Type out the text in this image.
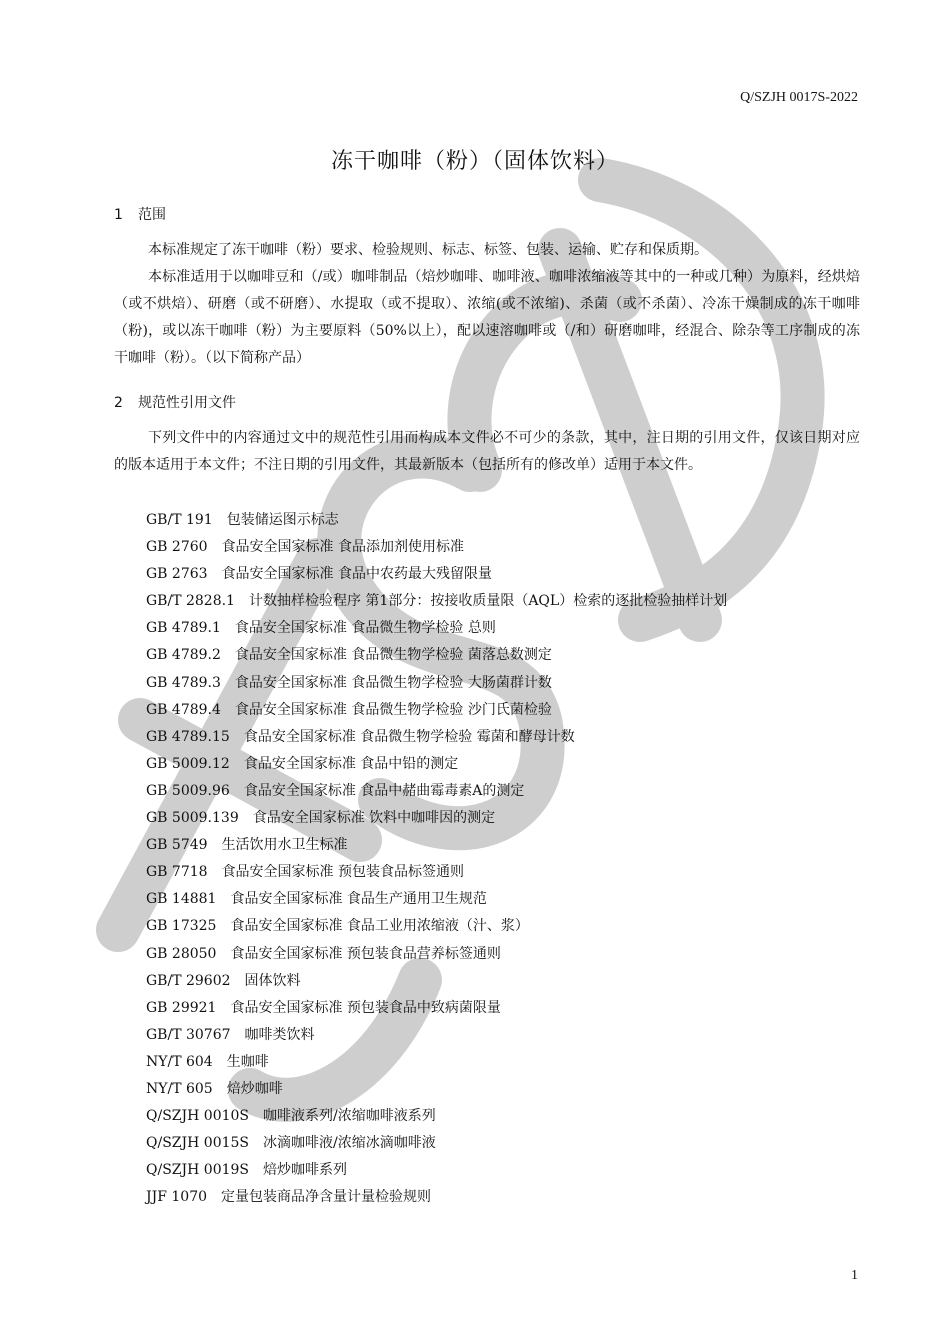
Q/SZJH 0017S-2022
冻干咖啡（粉）（固体饮料）
1 范围
本标准规定了冻干咖啡（粉）要求、检验规则、标志、标签、包装、运输、贮存和保质期。
本标准适用于以咖啡豆和（/或）咖啡制品（焙炒咖啡、咖啡液、咖啡浓缩液等其中的一种或几种）为原料，经烘焙（或不烘焙）、研磨（或不研磨）、水提取（或不提取）、浓缩(或不浓缩)、杀菌（或不杀菌）、冷冻干燥制成的冻干咖啡（粉)，或以冻干咖啡（粉）为主要原料（50%以上），配以速溶咖啡或（/和）研磨咖啡，经混合、除杂等工序制成的冻干咖啡（粉）。（以下简称产品）
2 规范性引用文件
下列文件中的内容通过文中的规范性引用而构成本文件必不可少的条款，其中，注日期的引用文件，仅该日期对应的版本适用于本文件；不注日期的引用文件，其最新版本（包括所有的修改单）适用于本文件。
GB/T 191 包装储运图示标志
GB 2760 食品安全国家标准 食品添加剂使用标准
GB 2763 食品安全国家标准 食品中农药最大残留限量
GB/T 2828.1 计数抽样检验程序 第1部分：按接收质量限（AQL）检索的逐批检验抽样计划
GB 4789.1 食品安全国家标准 食品微生物学检验 总则
GB 4789.2 食品安全国家标准 食品微生物学检验 菌落总数测定
GB 4789.3 食品安全国家标准 食品微生物学检验 大肠菌群计数
GB 4789.4 食品安全国家标准 食品微生物学检验 沙门氏菌检验
GB 4789.15 食品安全国家标准 食品微生物学检验 霉菌和酵母计数
GB 5009.12 食品安全国家标准 食品中铅的测定
GB 5009.96 食品安全国家标准 食品中赭曲霉毒素A的测定
GB 5009.139 食品安全国家标准 饮料中咖啡因的测定
GB 5749 生活饮用水卫生标准
GB 7718 食品安全国家标准 预包装食品标签通则
GB 14881 食品安全国家标准 食品生产通用卫生规范
GB 17325 食品安全国家标准 食品工业用浓缩液（汁、浆）
GB 28050 食品安全国家标准 预包装食品营养标签通则
GB/T 29602 固体饮料
GB 29921 食品安全国家标准 预包装食品中致病菌限量
GB/T 30767 咖啡类饮料
NY/T 604 生咖啡
NY/T 605 焙炒咖啡
Q/SZJH 0010S 咖啡液系列/浓缩咖啡液系列
Q/SZJH 0015S 冰滴咖啡液/浓缩冰滴咖啡液
Q/SZJH 0019S 焙炒咖啡系列
JJF 1070 定量包装商品净含量计量检验规则
1
